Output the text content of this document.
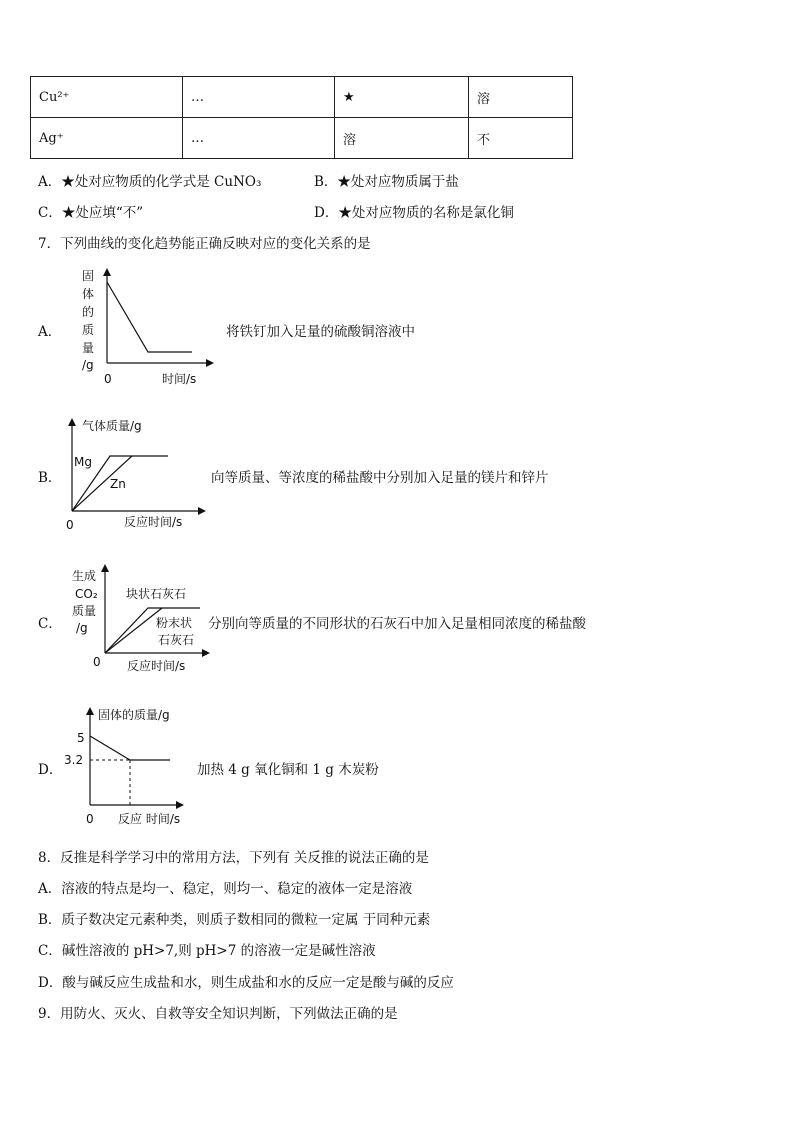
Cu²⁺	…	★	溶
Ag⁺	…	溶	不
A．★处对应物质的化学式是 CuNO₃	B．★处对应物质属于盐
C．★处应填“不”	D．★处对应物质的名称是氯化铜
7．下列曲线的变化趋势能正确反映对应的变化关系的是
A．
固
体
的
质
量
/g
0	时间/s
将铁钉加入足量的硫酸铜溶液中
B．
气体质量/g
Mg
Zn
0	反应时间/s
向等质量、等浓度的稀盐酸中分别加入足量的镁片和锌片
C．
生成
CO₂
质量
/g
块状石灰石
粉末状
石灰石
0 反应时间/s
分别向等质量的不同形状的石灰石中加入足量相同浓度的稀盐酸
D．
固体的质量/g
5
3.2
0 反应 时间/s
加热 4 g 氧化铜和 1 g 木炭粉
8．反推是科学学习中的常用方法，下列有 关反推的说法正确的是
A．溶液的特点是均一、稳定，则均一、稳定的液体一定是溶液
B．质子数决定元素种类，则质子数相同的微粒一定属 于同种元素
C．碱性溶液的 pH>7,则 pH>7 的溶液一定是碱性溶液
D．酸与碱反应生成盐和水，则生成盐和水的反应一定是酸与碱的反应
9．用防火、灭火、自救等安全知识判断，下列做法正确的是
